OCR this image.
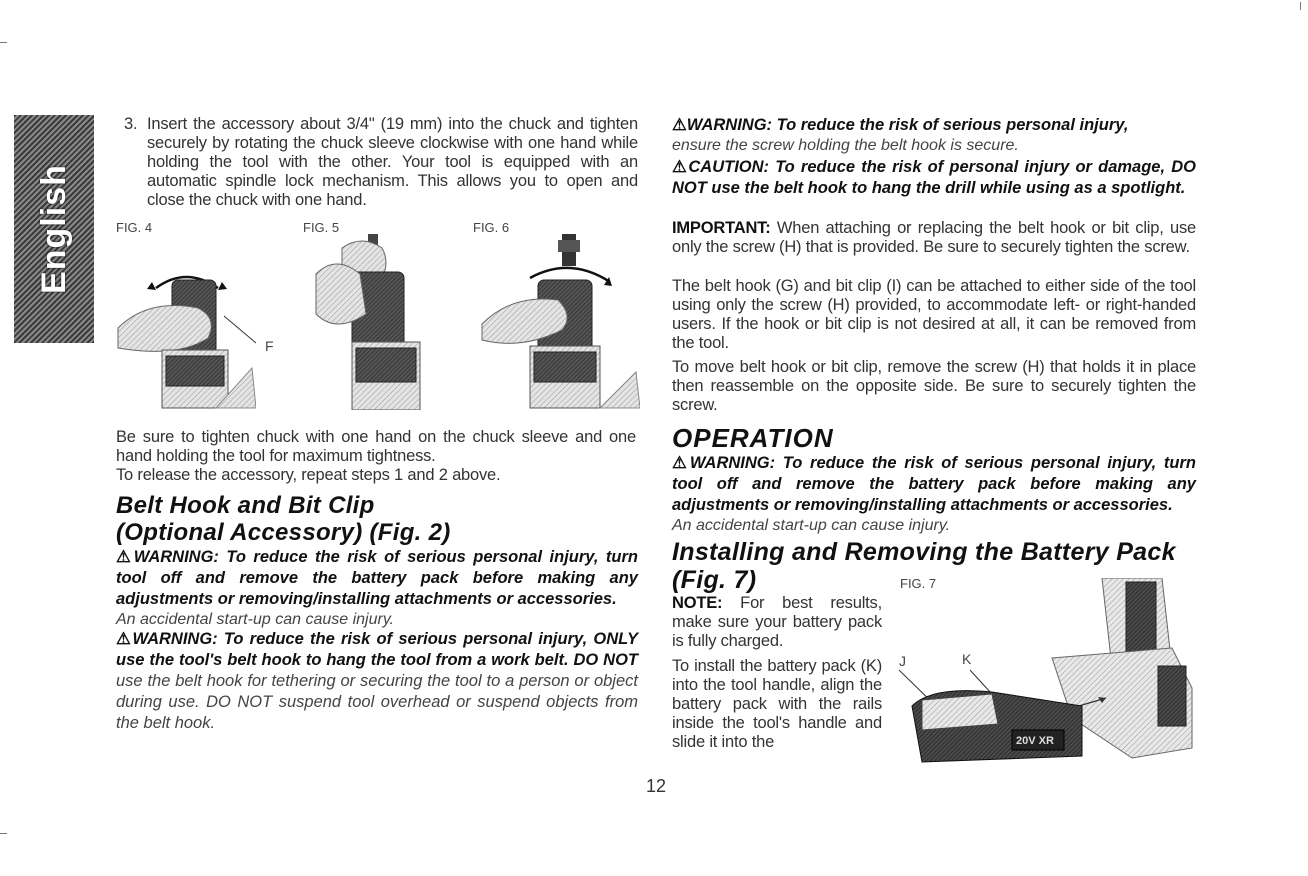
English
3. Insert the accessory about 3/4" (19 mm) into the chuck and tighten securely by rotating the chuck sleeve clockwise with one hand while holding the tool with the other. Your tool is equipped with an automatic spindle lock mechanism. This allows you to open and close the chuck with one hand.
FIG. 4	FIG. 5	FIG. 6
F
Be sure to tighten chuck with one hand on the chuck sleeve and one hand holding the tool for maximum tightness.
To release the accessory, repeat steps 1 and 2 above.
Belt Hook and Bit Clip
(Optional Accessory) (Fig. 2)

⚠WARNING: To reduce the risk of serious personal injury, turn tool off and remove the battery pack before making any adjustments or removing/installing attachments or accessories.

An accidental start-up can cause injury.

⚠WARNING: To reduce the risk of serious personal injury, ONLY use the tool's belt hook to hang the tool from a work belt. DO NOT use the belt hook for tethering or securing the tool to a person or object during use. DO NOT suspend tool overhead or suspend objects from the belt hook.

⚠WARNING: To reduce the risk of serious personal injury,

ensure the screw holding the belt hook is secure.

⚠CAUTION: To reduce the risk of personal injury or damage, DO NOT use the belt hook to hang the drill while using as a spotlight.

IMPORTANT: When attaching or replacing the belt hook or bit clip, use only the screw (H) that is provided. Be sure to securely tighten the screw.
The belt hook (G) and bit clip (I) can be attached to either side of the tool using only the screw (H) provided, to accommodate left- or right-handed users. If the hook or bit clip is not desired at all, it can be removed from the tool.
To move belt hook or bit clip, remove the screw (H) that holds it in place then reassemble on the opposite side. Be sure to securely tighten the screw.
OPERATION

⚠WARNING: To reduce the risk of serious personal injury, turn tool off and remove the battery pack before making any adjustments or removing/installing attachments or accessories.

An accidental start-up can cause injury.

Installing and Removing the Battery Pack
(Fig. 7)	FIG. 7
NOTE: For best results, make sure your battery pack is fully charged.
To install the battery pack (K) into the tool handle, align the battery pack with the rails inside the tool's handle and slide it into the	20V XR
J	K
12
